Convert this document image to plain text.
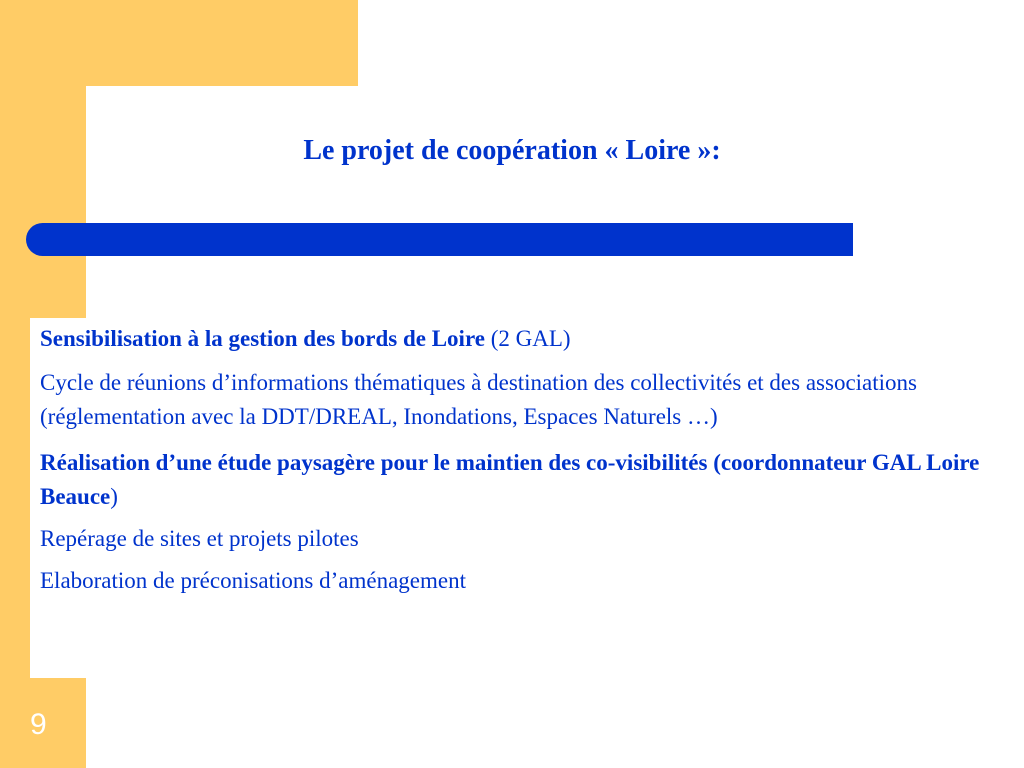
Le projet de coopération « Loire »:

Sensibilisation à la gestion des bords de Loire (2 GAL)

Cycle de réunions d’informations thématiques à destination des collectivités et des associations (réglementation avec la DDT/DREAL, Inondations, Espaces Naturels …)

Réalisation d’une étude paysagère pour le maintien des co-visibilités (coordonnateur GAL Loire Beauce)

Repérage de sites et projets pilotes

Elaboration de préconisations d’aménagement

9
